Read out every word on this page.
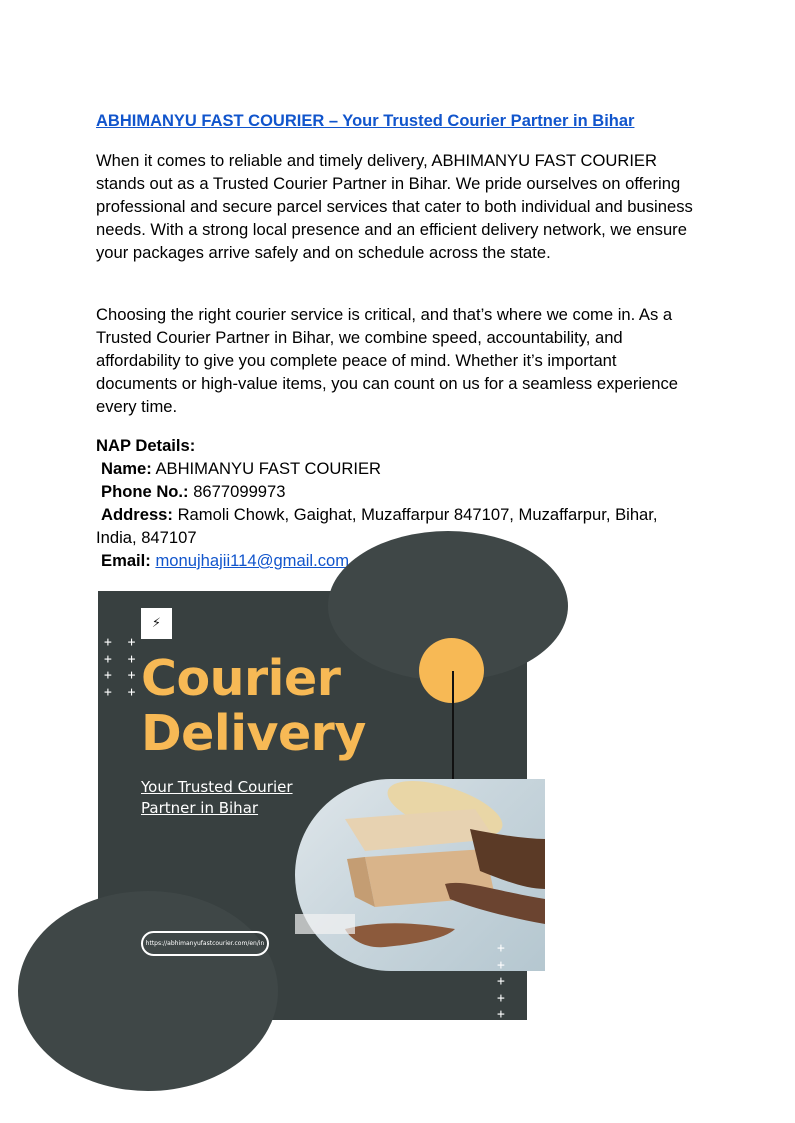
ABHIMANYU FAST COURIER – Your Trusted Courier Partner in Bihar

When it comes to reliable and timely delivery, ABHIMANYU FAST COURIER stands out as a Trusted Courier Partner in Bihar. We pride ourselves on offering professional and secure parcel services that cater to both individual and business needs. With a strong local presence and an efficient delivery network, we ensure your packages arrive safely and on schedule across the state.

Choosing the right courier service is critical, and that’s where we come in. As a Trusted Courier Partner in Bihar, we combine speed, accountability, and affordability to give you complete peace of mind. Whether it’s important documents or high-value items, you can count on us for a seamless experience every time.

NAP Details:
Name: ABHIMANYU FAST COURIER
Phone No.: 8677099973
Address: Ramoli Chowk, Gaighat, Muzaffarpur 847107, Muzaffarpur, Bihar, India, 847107
Email: monujhajii114@gmail.com
⚡
+ +
+ +
+ +
+ + Courier
Delivery
Your Trusted Courier
Partner in Bihar
+ +
+ +
+ +
+ +
https://abhimanyufastcourier.com/en/in
